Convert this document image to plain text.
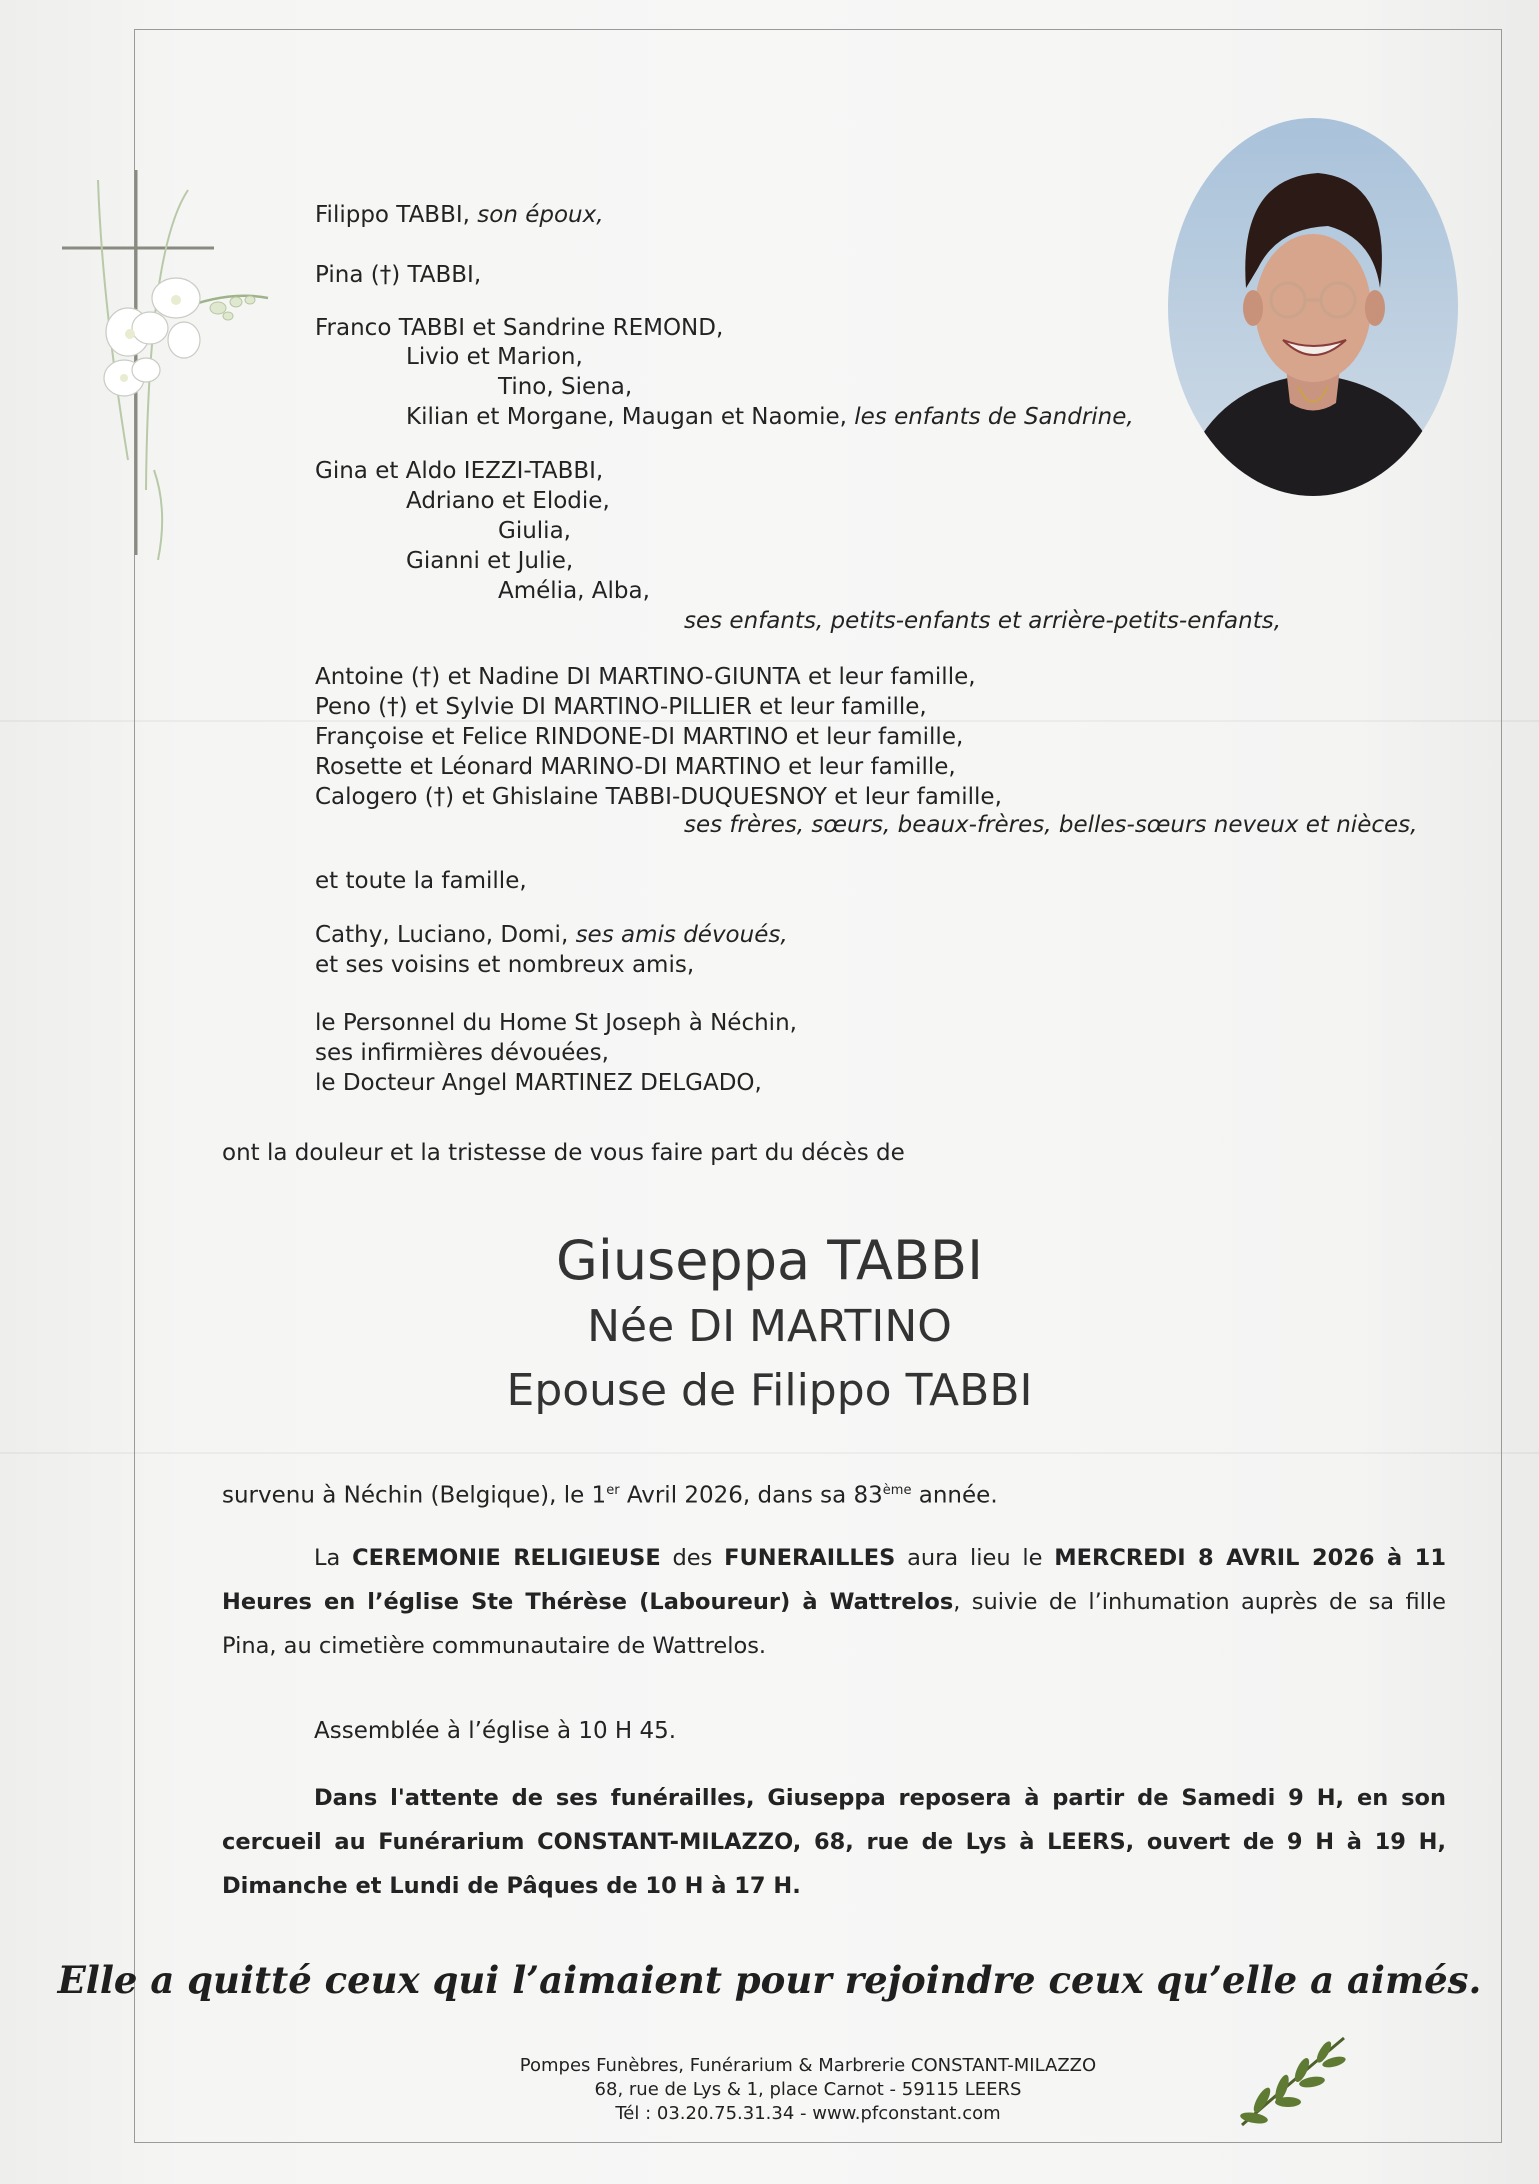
Filippo TABBI, son époux,
Pina (†) TABBI,
Franco TABBI et Sandrine REMOND,
Livio et Marion,
Tino, Siena,
Kilian et Morgane, Maugan et Naomie, les enfants de Sandrine,
Gina et Aldo IEZZI-TABBI,
Adriano et Elodie,
Giulia,
Gianni et Julie,
Amélia, Alba,
ses enfants, petits-enfants et arrière-petits-enfants,
Antoine (†) et Nadine DI MARTINO-GIUNTA et leur famille,
Peno (†) et Sylvie DI MARTINO-PILLIER et leur famille,
Françoise et Felice RINDONE-DI MARTINO et leur famille,
Rosette et Léonard MARINO-DI MARTINO et leur famille,
Calogero (†) et Ghislaine TABBI-DUQUESNOY et leur famille,
ses frères, sœurs, beaux-frères, belles-sœurs neveux et nièces,
et toute la famille,
Cathy, Luciano, Domi, ses amis dévoués,
et ses voisins et nombreux amis,
le Personnel du Home St Joseph à Néchin,
ses infirmières dévouées,
le Docteur Angel MARTINEZ DELGADO,
ont la douleur et la tristesse de vous faire part du décès de
Giuseppa TABBI
Née DI MARTINO
Epouse de Filippo TABBI
survenu à Néchin (Belgique), le 1er Avril 2026, dans sa 83ème année.
La CEREMONIE RELIGIEUSE des FUNERAILLES aura lieu le MERCREDI 8 AVRIL 2026 à 11 Heures en l’église Ste Thérèse (Laboureur) à Wattrelos, suivie de l’inhumation auprès de sa fille Pina, au cimetière communautaire de Wattrelos.
Assemblée à l’église à 10 H 45.
Dans l'attente de ses funérailles, Giuseppa reposera à partir de Samedi 9 H, en son cercueil au Funérarium CONSTANT-MILAZZO, 68, rue de Lys à LEERS, ouvert de 9 H à 19 H, Dimanche et Lundi de Pâques de 10 H à 17 H.
Elle a quitté ceux qui l’aimaient pour rejoindre ceux qu’elle a aimés.
Pompes Funèbres, Funérarium & Marbrerie CONSTANT-MILAZZO
68, rue de Lys & 1, place Carnot - 59115 LEERS
Tél : 03.20.75.31.34 - www.pfconstant.com
